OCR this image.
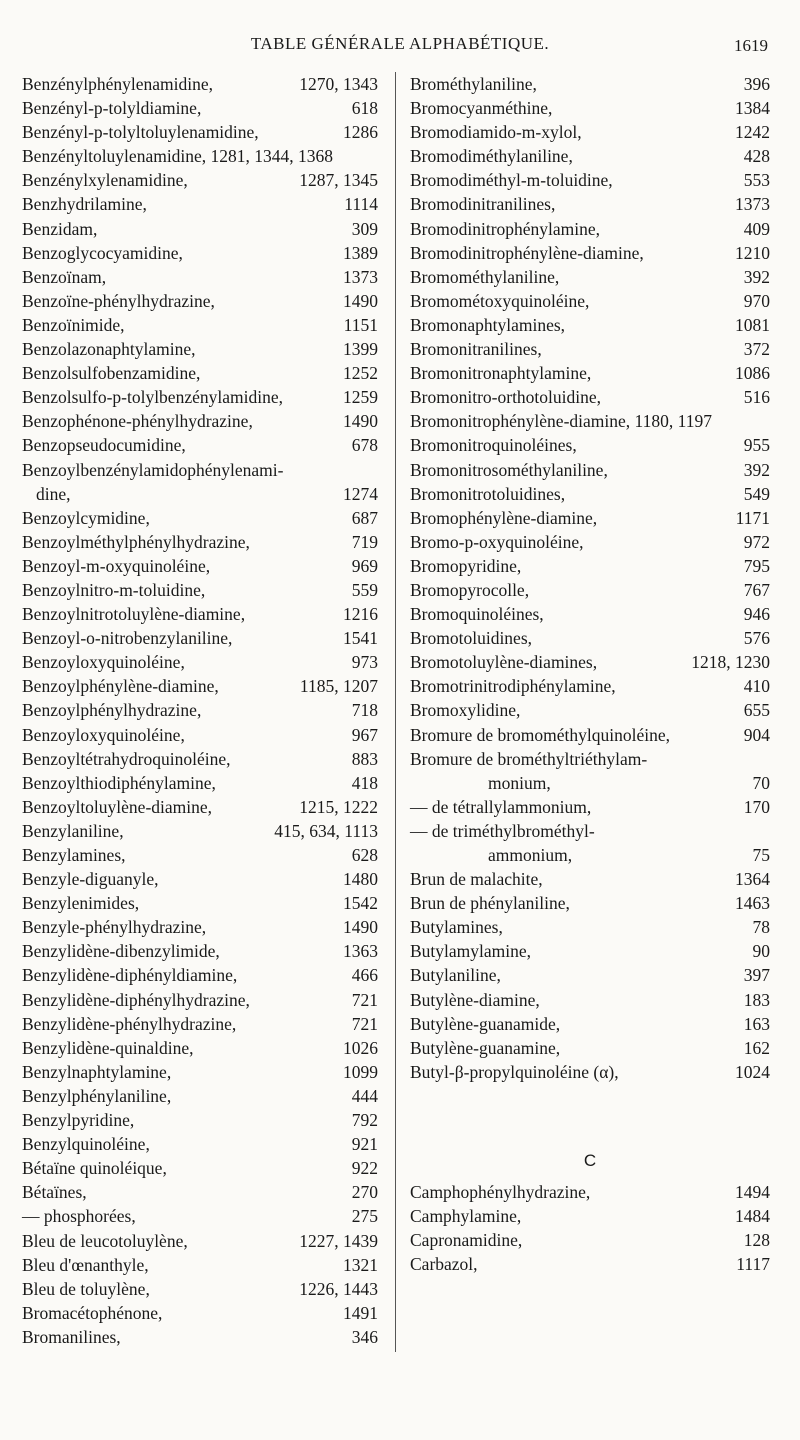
TABLE GÉNÉRALE ALPHABÉTIQUE.	1619
Benzénylphénylenamidine,	1270, 1343
Benzényl-p-tolyldiamine,	618
Benzényl-p-tolyltoluylenamidine,	1286
Benzényltoluylenamidine, 1281, 1344, 1368
Benzénylxylenamidine,	1287, 1345
Benzhydrilamine,	1114
Benzidam,	309
Benzoglycocyamidine,	1389
Benzoïnam,	1373
Benzoïne-phénylhydrazine,	1490
Benzoïnimide,	1151
Benzolazonaphtylamine,	1399
Benzolsulfobenzamidine,	1252
Benzolsulfo-p-tolylbenzénylamidine,	1259
Benzophénone-phénylhydrazine,	1490
Benzopseudocumidine,	678
Benzoylbenzénylamidophénylenami-
dine,	1274
Benzoylcymidine,	687
Benzoylméthylphénylhydrazine,	719
Benzoyl-m-oxyquinoléine,	969
Benzoylnitro-m-toluidine,	559
Benzoylnitrotoluylène-diamine,	1216
Benzoyl-o-nitrobenzylaniline,	1541
Benzoyloxyquinoléine,	973
Benzoylphénylène-diamine,	1185, 1207
Benzoylphénylhydrazine,	718
Benzoyloxyquinoléine,	967
Benzoyltétrahydroquinoléine,	883
Benzoylthiodiphénylamine,	418
Benzoyltoluylène-diamine,	1215, 1222
Benzylaniline,	415, 634, 1113
Benzylamines,	628
Benzyle-diguanyle,	1480
Benzylenimides,	1542
Benzyle-phénylhydrazine,	1490
Benzylidène-dibenzylimide,	1363
Benzylidène-diphényldiamine,	466
Benzylidène-diphénylhydrazine,	721
Benzylidène-phénylhydrazine,	721
Benzylidène-quinaldine,	1026
Benzylnaphtylamine,	1099
Benzylphénylaniline,	444
Benzylpyridine,	792
Benzylquinoléine,	921
Bétaïne quinoléique,	922
Bétaïnes,	270
— phosphorées,	275
Bleu de leucotoluylène,	1227, 1439
Bleu d'œnanthyle,	1321
Bleu de toluylène,	1226, 1443
Bromacétophénone,	1491
Bromanilines,	346
Brométhylaniline,	396
Bromocyanméthine,	1384
Bromodiamido-m-xylol,	1242
Bromodiméthylaniline,	428
Bromodiméthyl-m-toluidine,	553
Bromodinitranilines,	1373
Bromodinitrophénylamine,	409
Bromodinitrophénylène-diamine,	1210
Bromométhylaniline,	392
Bromométoxyquinoléine,	970
Bromonaphtylamines,	1081
Bromonitranilines,	372
Bromonitronaphtylamine,	1086
Bromonitro-orthotoluidine,	516
Bromonitrophénylène-diamine, 1180, 1197
Bromonitroquinoléines,	955
Bromonitrosométhylaniline,	392
Bromonitrotoluidines,	549
Bromophénylène-diamine,	1171
Bromo-p-oxyquinoléine,	972
Bromopyridine,	795
Bromopyrocolle,	767
Bromoquinoléines,	946
Bromotoluidines,	576
Bromotoluylène-diamines,	1218, 1230
Bromotrinitrodiphénylamine,	410
Bromoxylidine,	655
Bromure de bromométhylquinoléine,	904
Bromure de brométhyltriéthylam-
monium,	70
— de tétrallylammonium,	170
— de triméthylbrométhyl-
ammonium,	75
Brun de malachite,	1364
Brun de phénylaniline,	1463
Butylamines,	78
Butylamylamine,	90
Butylaniline,	397
Butylène-diamine,	183
Butylène-guanamide,	163
Butylène-guanamine,	162
Butyl-β-propylquinoléine (α),	1024
C
Camphophénylhydrazine,	1494
Camphylamine,	1484
Capronamidine,	128
Carbazol,	1117
